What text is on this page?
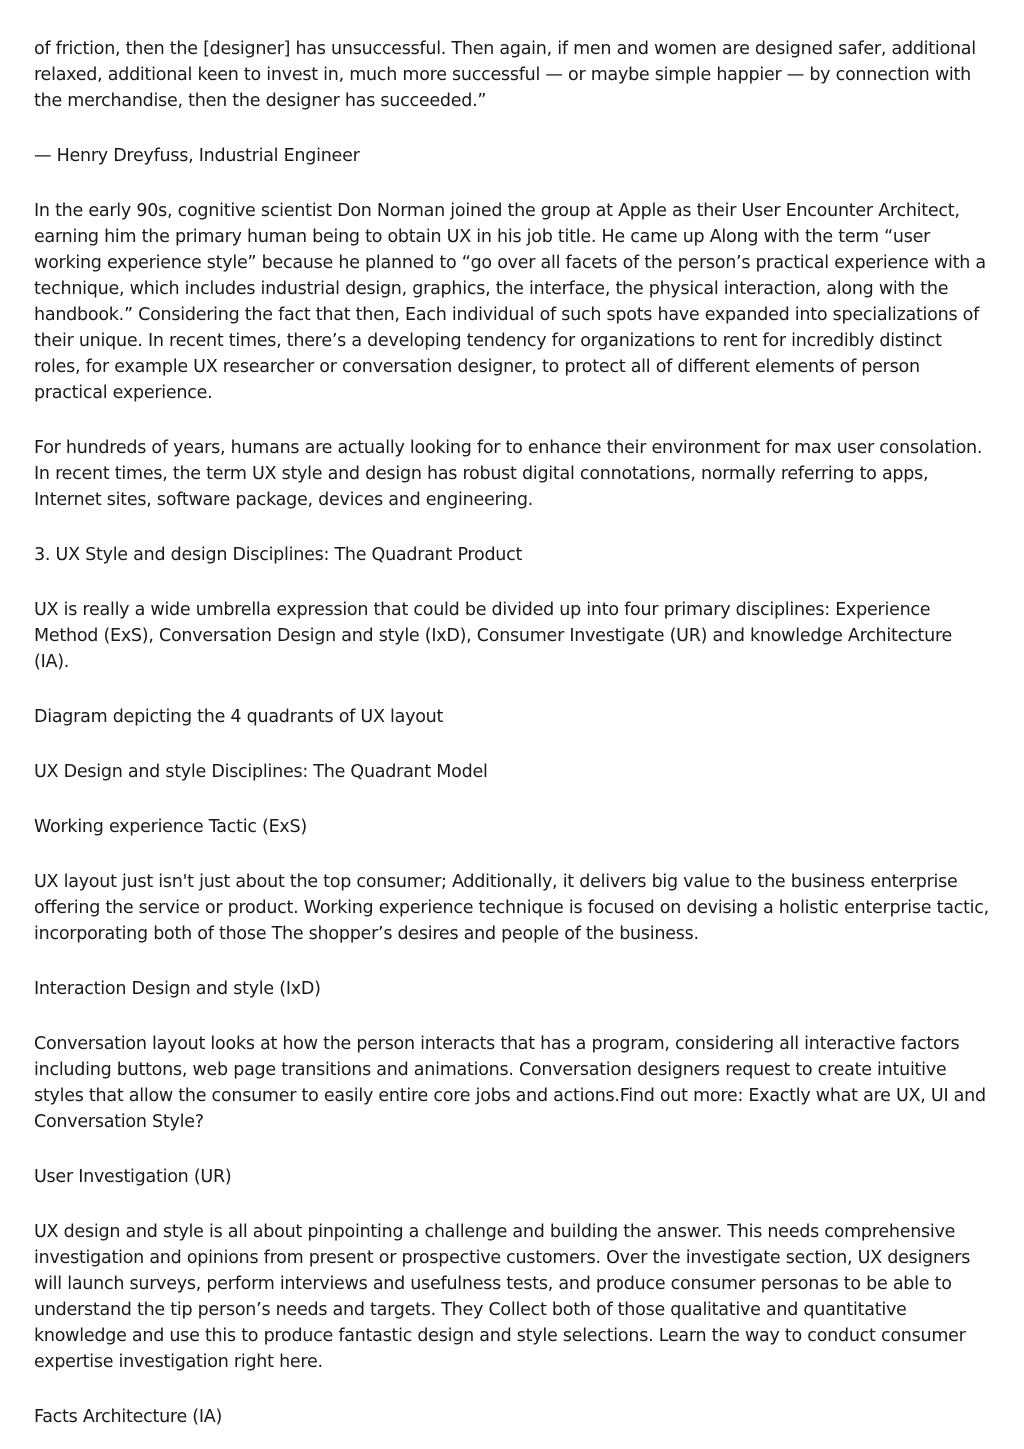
of friction, then the [designer] has unsuccessful. Then again, if men and women are designed safer, additional relaxed, additional keen to invest in, much more successful — or maybe simple happier — by connection with the merchandise, then the designer has succeeded.”

— Henry Dreyfuss, Industrial Engineer

In the early 90s, cognitive scientist Don Norman joined the group at Apple as their User Encounter Architect, earning him the primary human being to obtain UX in his job title. He came up Along with the term “user working experience style” because he planned to “go over all facets of the person’s practical experience with a technique, which includes industrial design, graphics, the interface, the physical interaction, along with the handbook.” Considering the fact that then, Each individual of such spots have expanded into specializations of their unique. In recent times, there’s a developing tendency for organizations to rent for incredibly distinct roles, for example UX researcher or conversation designer, to protect all of different elements of person practical experience.

For hundreds of years, humans are actually looking for to enhance their environment for max user consolation. In recent times, the term UX style and design has robust digital connotations, normally referring to apps, Internet sites, software package, devices and engineering.

3. UX Style and design Disciplines: The Quadrant Product

UX is really a wide umbrella expression that could be divided up into four primary disciplines: Experience Method (ExS), Conversation Design and style (IxD), Consumer Investigate (UR) and knowledge Architecture (IA).

Diagram depicting the 4 quadrants of UX layout

UX Design and style Disciplines: The Quadrant Model

Working experience Tactic (ExS)

UX layout just isn't just about the top consumer; Additionally, it delivers big value to the business enterprise offering the service or product. Working experience technique is focused on devising a holistic enterprise tactic, incorporating both of those The shopper’s desires and people of the business.

Interaction Design and style (IxD)

Conversation layout looks at how the person interacts that has a program, considering all interactive factors including buttons, web page transitions and animations. Conversation designers request to create intuitive styles that allow the consumer to easily entire core jobs and actions.Find out more: Exactly what are UX, UI and Conversation Style?

User Investigation (UR)

UX design and style is all about pinpointing a challenge and building the answer. This needs comprehensive investigation and opinions from present or prospective customers. Over the investigate section, UX designers will launch surveys, perform interviews and usefulness tests, and produce consumer personas to be able to understand the tip person’s needs and targets. They Collect both of those qualitative and quantitative knowledge and use this to produce fantastic design and style selections. Learn the way to conduct consumer expertise investigation right here.

Facts Architecture (IA)
